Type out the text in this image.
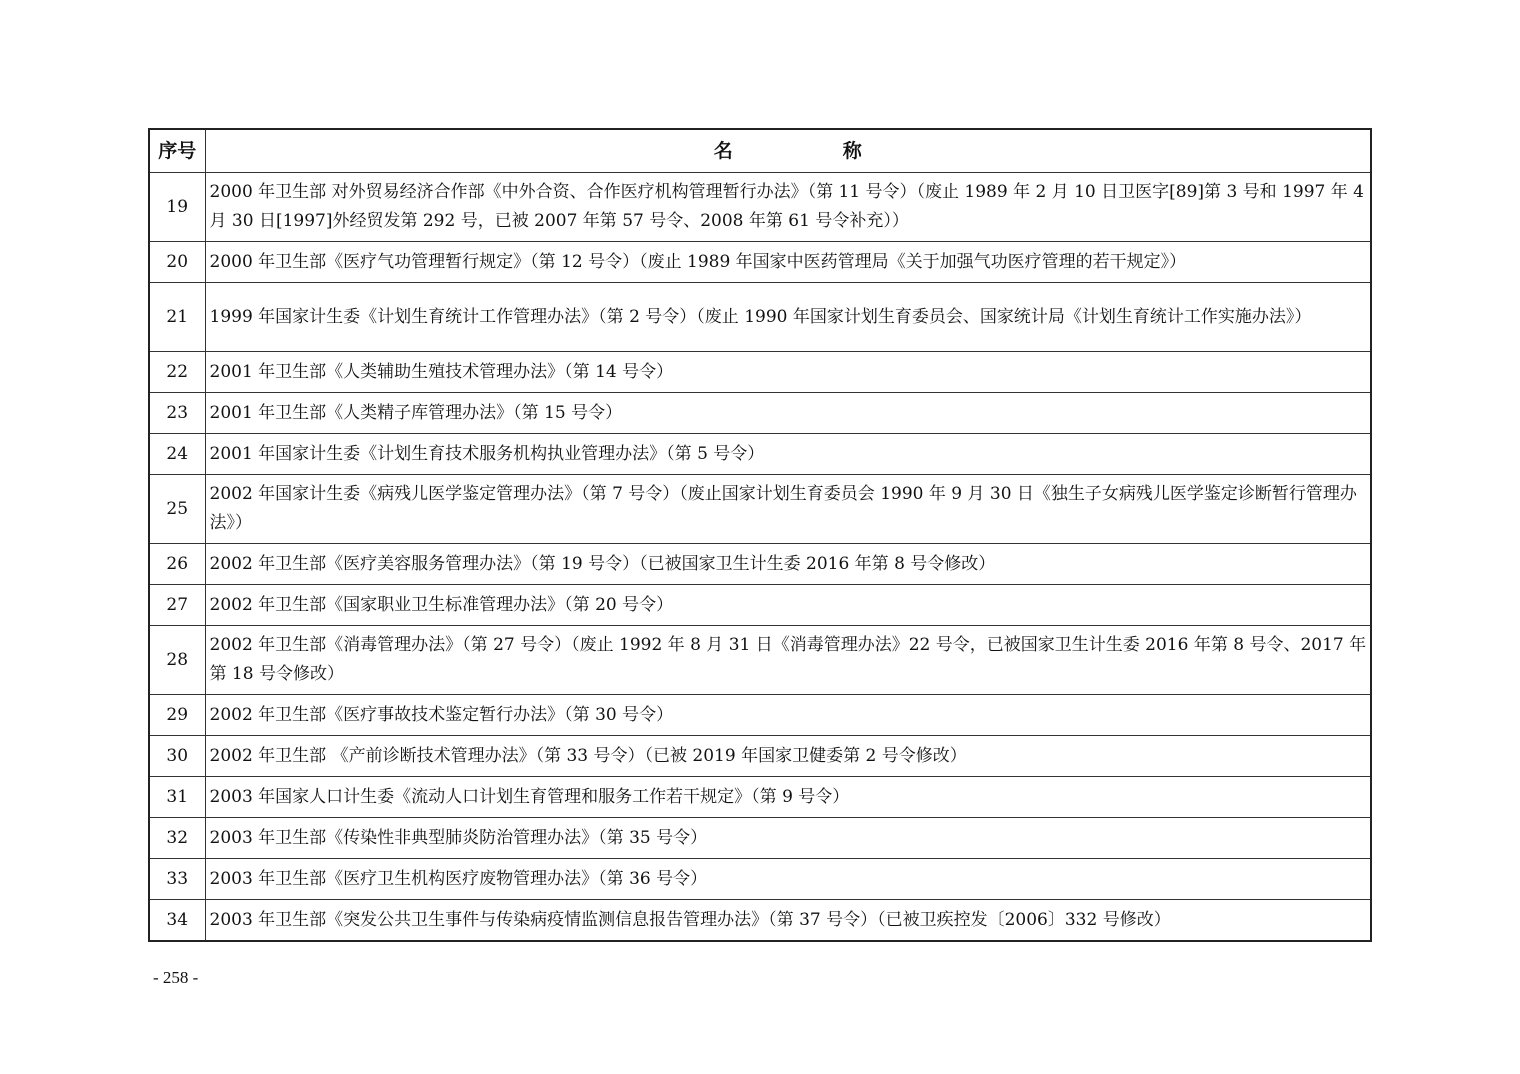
序号	名 称
19	2000 年卫生部 对外贸易经济合作部《中外合资、合作医疗机构管理暂行办法》（第 11 号令）（废止 1989 年 2 月 10 日卫医字[89]第 3 号和 1997 年 4 月 30 日[1997]外经贸发第 292 号，已被 2007 年第 57 号令、2008 年第 61 号令补充））
20	2000 年卫生部《医疗气功管理暂行规定》（第 12 号令）（废止 1989 年国家中医药管理局《关于加强气功医疗管理的若干规定》）
21	1999 年国家计生委《计划生育统计工作管理办法》（第 2 号令）（废止 1990 年国家计划生育委员会、国家统计局《计划生育统计工作实施办法》）
22	2001 年卫生部《人类辅助生殖技术管理办法》（第 14 号令）
23	2001 年卫生部《人类精子库管理办法》（第 15 号令）
24	2001 年国家计生委《计划生育技术服务机构执业管理办法》（第 5 号令）
25	2002 年国家计生委《病残儿医学鉴定管理办法》（第 7 号令）（废止国家计划生育委员会 1990 年 9 月 30 日《独生子女病残儿医学鉴定诊断暂行管理办法》）
26	2002 年卫生部《医疗美容服务管理办法》（第 19 号令）（已被国家卫生计生委 2016 年第 8 号令修改）
27	2002 年卫生部《国家职业卫生标准管理办法》（第 20 号令）
28	2002 年卫生部《消毒管理办法》（第 27 号令）（废止 1992 年 8 月 31 日《消毒管理办法》22 号令，已被国家卫生计生委 2016 年第 8 号令、2017 年第 18 号令修改）
29	2002 年卫生部《医疗事故技术鉴定暂行办法》（第 30 号令）
30	2002 年卫生部 《产前诊断技术管理办法》（第 33 号令）（已被 2019 年国家卫健委第 2 号令修改）
31	2003 年国家人口计生委《流动人口计划生育管理和服务工作若干规定》（第 9 号令）
32	2003 年卫生部《传染性非典型肺炎防治管理办法》（第 35 号令）
33	2003 年卫生部《医疗卫生机构医疗废物管理办法》（第 36 号令）
34	2003 年卫生部《突发公共卫生事件与传染病疫情监测信息报告管理办法》（第 37 号令）（已被卫疾控发〔2006〕332 号修改）
- 258 -
